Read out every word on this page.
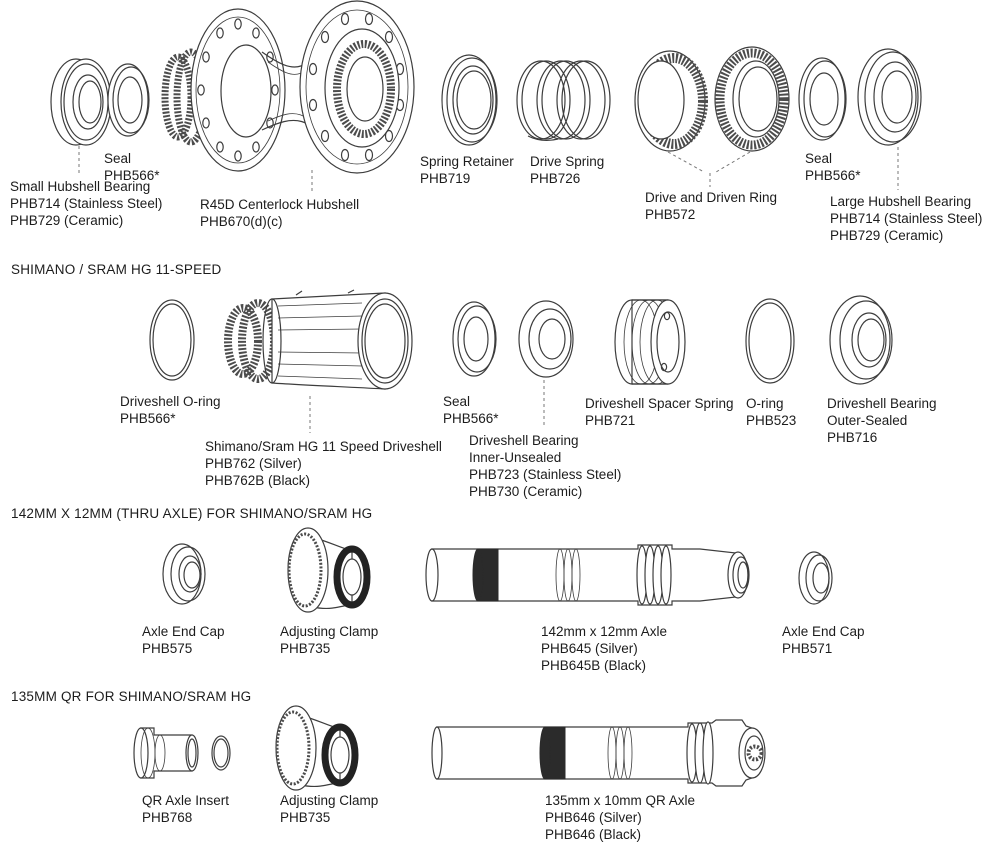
Small Hubshell Bearing
PHB714 (Stainless Steel)
PHB729 (Ceramic)
Seal
PHB566*
R45D Centerlock Hubshell
PHB670(d)(c)
Spring Retainer
PHB719
Drive Spring
PHB726
Drive and Driven Ring
PHB572
Seal
PHB566*
Large Hubshell Bearing
PHB714 (Stainless Steel)
PHB729 (Ceramic)
SHIMANO / SRAM HG 11-SPEED
Driveshell O-ring
PHB566*
Shimano/Sram HG 11 Speed Driveshell
PHB762 (Silver)
PHB762B (Black)
Seal
PHB566*
Driveshell Bearing
Inner-Unsealed
PHB723 (Stainless Steel)
PHB730 (Ceramic)
Driveshell Spacer Spring
PHB721
O-ring
PHB523
Driveshell Bearing
Outer-Sealed
PHB716
142MM X 12MM (THRU AXLE) FOR SHIMANO/SRAM HG
Axle End Cap
PHB575
Adjusting Clamp
PHB735
142mm x 12mm Axle
PHB645 (Silver)
PHB645B (Black)
Axle End Cap
PHB571
135MM QR FOR SHIMANO/SRAM HG
QR Axle Insert
PHB768
Adjusting Clamp
PHB735
135mm x 10mm QR Axle
PHB646 (Silver)
PHB646 (Black)
